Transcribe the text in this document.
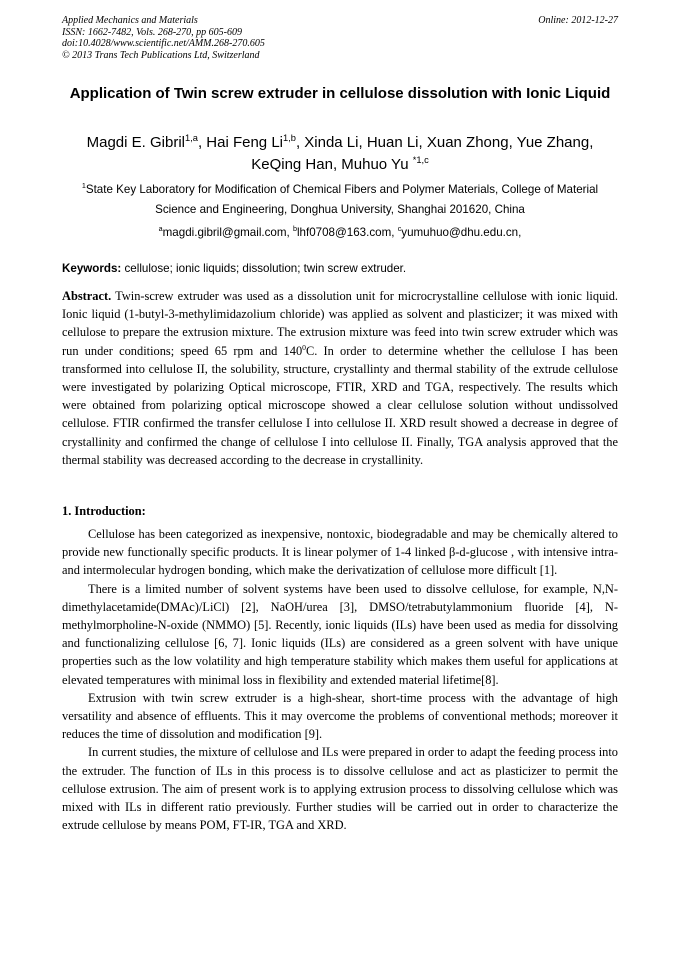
Applied Mechanics and Materials
ISSN: 1662-7482, Vols. 268-270, pp 605-609
doi:10.4028/www.scientific.net/AMM.268-270.605
© 2013 Trans Tech Publications Ltd, Switzerland
Online: 2012-12-27
Application of Twin screw extruder in cellulose dissolution with Ionic Liquid
Magdi E. Gibril$^{1,a}$, Hai Feng Li$^{1,b}$, Xinda Li, Huan Li, Xuan Zhong, Yue Zhang,
KeQing Han, Muhuo Yu $^{*1,c}$
$^1$State Key Laboratory for Modification of Chemical Fibers and Polymer Materials, College of Material Science and Engineering, Donghua University, Shanghai 201620, China
$^a$magdi.gibril@gmail.com, $^b$lhf0708@163.com, $^c$yumuhuo@dhu.edu.cn,
Keywords: cellulose; ionic liquids; dissolution; twin screw extruder.

Abstract. Twin-screw extruder was used as a dissolution unit for microcrystalline cellulose with ionic liquid. Ionic liquid (1-butyl-3-methylimidazolium chloride) was applied as solvent and plasticizer; it was mixed with cellulose to prepare the extrusion mixture. The extrusion mixture was feed into twin screw extruder which was run under conditions; speed 65 rpm and $140^0C$. In order to determine whether the cellulose I has been transformed into cellulose II, the solubility, structure, crystallinty and thermal stability of the extrude cellulose were investigated by polarizing Optical microscope, FTIR, XRD and TGA, respectively. The results which were obtained from polarizing optical microscope showed a clear cellulose solution without undissolved cellulose. FTIR confirmed the transfer cellulose I into cellulose II. XRD result showed a decrease in degree of crystallinity and confirmed the change of cellulose I into cellulose II. Finally, TGA analysis approved that the thermal stability was decreased according to the decrease in crystallinity.

1. Introduction:

Cellulose has been categorized as inexpensive, nontoxic, biodegradable and may be chemically altered to provide new functionally specific products. It is linear polymer of 1-4 linked β-d-glucose , with intensive intra- and intermolecular hydrogen bonding, which make the derivatization of cellulose more difficult [1].

There is a limited number of solvent systems have been used to dissolve cellulose, for example, N,N-dimethylacetamide(DMAc)/LiCl) [2], NaOH/urea [3], DMSO/tetrabutylammonium fluoride [4], N-methylmorpholine-N-oxide (NMMO) [5]. Recently, ionic liquids (ILs) have been used as media for dissolving and functionalizing cellulose [6, 7]. Ionic liquids (ILs) are considered as a green solvent with have unique properties such as the low volatility and high temperature stability which makes them useful for applications at elevated temperatures with minimal loss in flexibility and extended material lifetime[8].

Extrusion with twin screw extruder is a high-shear, short-time process with the advantage of high versatility and absence of effluents. This it may overcome the problems of conventional methods; moreover it reduces the time of dissolution and modification [9].

In current studies, the mixture of cellulose and ILs were prepared in order to adapt the feeding process into the extruder. The function of ILs in this process is to dissolve cellulose and act as plasticizer to permit the cellulose extrusion. The aim of present work is to applying extrusion process to dissolving cellulose which was mixed with ILs in different ratio previously. Further studies will be carried out in order to characterize the extrude cellulose by means POM, FT-IR, TGA and XRD.
